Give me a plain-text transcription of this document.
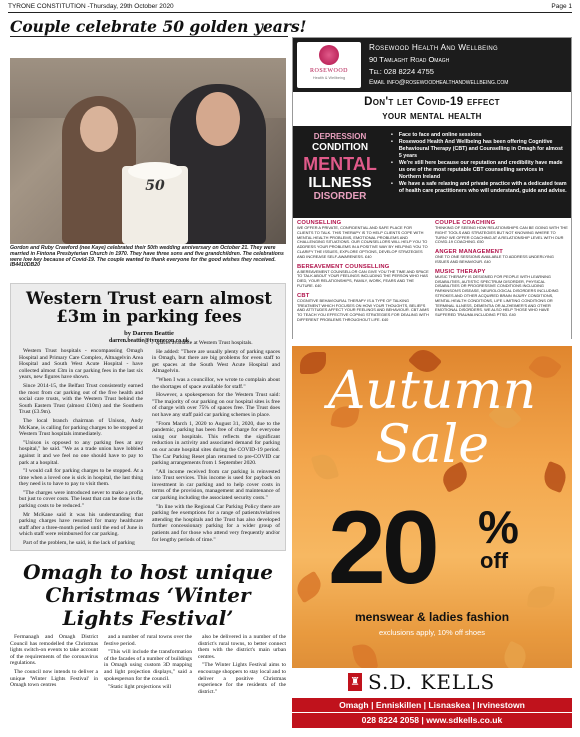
TYRONE CONSTITUTION -Thursday, 29th October 2020	Page 1
Couple celebrate 50 golden years!
50
Gordon and Ruby Crawford (nee Kaye) celebrated their 50th wedding anniversary on October 21. They were married in Fintona Presbyterian Church in 1970. They have three sons and five grandchildren. The celebrations were low key because of Covid-19. The couple wanted to thank everyone for the good wishes they received. IB4410DB20
Western Trust earn almost £3m in parking fees
by Darren Beattie
darren.beattie@tyronecon.co.uk

Western Trust hospitals - encompassing Omagh Hospital and Primary Care Complex, Altnagelvin Area Hospital and South West Acute Hospital - have collected almost £3m in car parking fees in the last six years, new figures have shown.

Since 2014-15, the Belfast Trust consistently earned the most from car parking out of the five health and social care trusts, with the Western Trust behind the South Eastern Trust (almost £10m) and the Southern Trust (£3.9m).

The local branch chairman of Unison, Andy McKane, is calling for parking charges to be stopped at Western Trust hospitals immediately.

"Unison is opposed to any parking fees at any hospital," he said. "We as a trade union have lobbied against it and we feel no one should have to pay to park at a hospital.

"I would call for parking charges to be stopped. At a time when a loved one is sick in hospital, the last thing they need is to have to pay to visit them.

"The charges were introduced never to make a profit, but just to cover costs. The least that can be done is the parking costs to be reduced."

Mr McKane said it was his understanding that parking charges have resumed for many healthcare staff after a three-month period until the end of June in which staff were reimbursed for car parking.

Part of the problem, he said, is the lack of parking

spaces available at Western Trust hospitals.

He added: "There are usually plenty of parking spaces in Omagh, but there are big problems for even staff to get spaces at the South West Acute Hospital and Altnagelvin.

"When I was a councillor, we wrote to complain about the shortages of space available for staff."

However, a spokesperson for the Western Trust said: "The majority of our parking on our hospital sites is free of charge with over 75% of spaces free. The Trust does not have any staff paid car parking schemes in place.

"From March 1, 2020 to August 31, 2020, due to the pandemic, parking has been free of charge for everyone using our hospitals. This reflects the significant reduction in activity and associated demand for parking on our acute hospital sites during the COVID-19 period. The Car Parking Reset plan returned to pre-COVID car parking arrangements from 1 September 2020.

"All income received from car parking is reinvested into Trust services. This income is used for payback on investment in car parking and to help cover costs in terms of the provision, management and maintenance of car parking including the associated security costs."

"In line with the Regional Car Parking Policy there are parking fee exemptions for a range of patients/relatives attending the hospitals and the Trust has also developed further concessionary parking for a wider group of patients and for those who attend very frequently and/or for lengthy periods of time."

Omagh to host unique Christmas ‘Winter Lights Festival’

Fermanagh and Omagh District Council has remodelled the Christmas lights switch-on events to take account of the requirements of the coronavirus regulations.

The council now intends to deliver a unique 'Winter Lights Festival' in Omagh town centres

and a number of rural towns over the festive period.

"This will include the transformation of the facades of a number of buildings in Omagh using custom 3D mapping and light projection displays," said a spokesperson for the council.

"Static light projections will

also be delivered in a number of the district's rural towns, to better connect them with the district's main urban centres.

"The Winter Lights Festival aims to encourage shoppers to stay local and to deliver a positive Christmas experience for the residents of the district."

ROSEWOOD
Health & Wellbeing
Rosewood Health And Wellbeing
90 Tamlaght Road Omagh
Tel: 028 8224 4755
Email info@rosewoodhealthandwellbeing.com
Don't let Covid-19 effect
your mental health
DEPRESSION
CONDITION
MENTAL
ILLNESS
DISORDER
• Face to face and online sessions
• Rosewood Health And Wellbeing has been offering Cognitive Behavioural Therapy (CBT) and Counselling in Omagh for almost 5 years
• We're still here because our reputation and credibility have made us one of the most reputable CBT counselling services in Northern Ireland
• We have a safe relaxing and private practice with a dedicated team of health care practitioners who will understand, guide and advise.
COUNSELLING
WE OFFER A PRIVATE, CONFIDENTIAL AND SAFE PLACE FOR CLIENTS TO TALK. THIS THERAPY IS TO HELP CLIENTS COPE WITH MENTAL HEALTH PROBLEMS, EMOTIONAL PROBLEMS AND CHALLENGING SITUATIONS. OUR COUNSELLORS WILL HELP YOU TO ADDRESS YOUR PROBLEMS IN A POSITIVE WAY BY HELPING YOU TO CLARIFY THE ISSUES, EXPLORE OPTIONS, DEVELOP STRATEGIES AND INCREASE SELF-AWARENESS. £40
BEREAVEMENT COUNSELLING
A BEREAVEMENT COUNSELLOR CAN GIVE YOU THE TIME AND SPACE TO TALK ABOUT YOUR FEELINGS INCLUDING THE PERSON WHO HAS DIED, YOUR RELATIONSHIPS, FAMILY, WORK, FEARS AND THE FUTURE. £40
CBT
COGNITIVE BEHAVIOURAL THERAPY IS A TYPE OF TALKING TREATMENT WHICH FOCUSES ON HOW YOUR THOUGHTS, BELIEFS AND ATTITUDES AFFECT YOUR FEELINGS AND BEHAVIOUR. CBT AIMS TO TEACH YOU EFFECTIVE COPING STRATEGIES FOR DEALING WITH DIFFERENT PROBLEMS THROUGHOUT LIFE. £40
COUPLE COACHING
THINKING OF SEEING HOW RELATIONSHIPS CAN BE GOING WITH THE RIGHT TOOLS AND STRATEGIES BUT NOT KNOWING WHERE TO TURN? WE OFFER COACHING AT A RELATIONSHIP LEVEL WITH OUR COVID-19 COACHING. £50
ANGER MANAGEMENT
ONE TO ONE SESSIONS AVAILABLE TO ADDRESS UNDERLYING ISSUES AND BEHAVIOUR. £40
MUSIC THERAPY
MUSIC THERAPY IS DESIGNED FOR PEOPLE WITH LEARNING DISABILITIES, AUTISTIC SPECTRUM DISORDER, PHYSICAL DISABILITIES OR PROGRESSIVE CONDITIONS INCLUDING PARKINSON'S DISEASE, NEUROLOGICAL DISORDERS INCLUDING STROKES AND OTHER ACQUIRED BRAIN INJURY CONDITIONS, MENTAL HEALTH CONDITIONS, LIFE LIMITING CONDITIONS OR TERMINAL ILLNESS, DEMENTIA OR ALZHEIMER'S AND OTHER EMOTIONAL DISORDERS. WE ALSO HELP THOSE WHO HAVE SUFFERED TRAUMA INCLUDING PTSD. £40
Autumn
Sale
20 %
off
menswear & ladies fashion
exclusions apply, 10% off shoes
♜ S.D. KELLS
Omagh | Enniskillen | Lisnaskea | Irvinestown
028 8224 2058 | www.sdkells.co.uk
